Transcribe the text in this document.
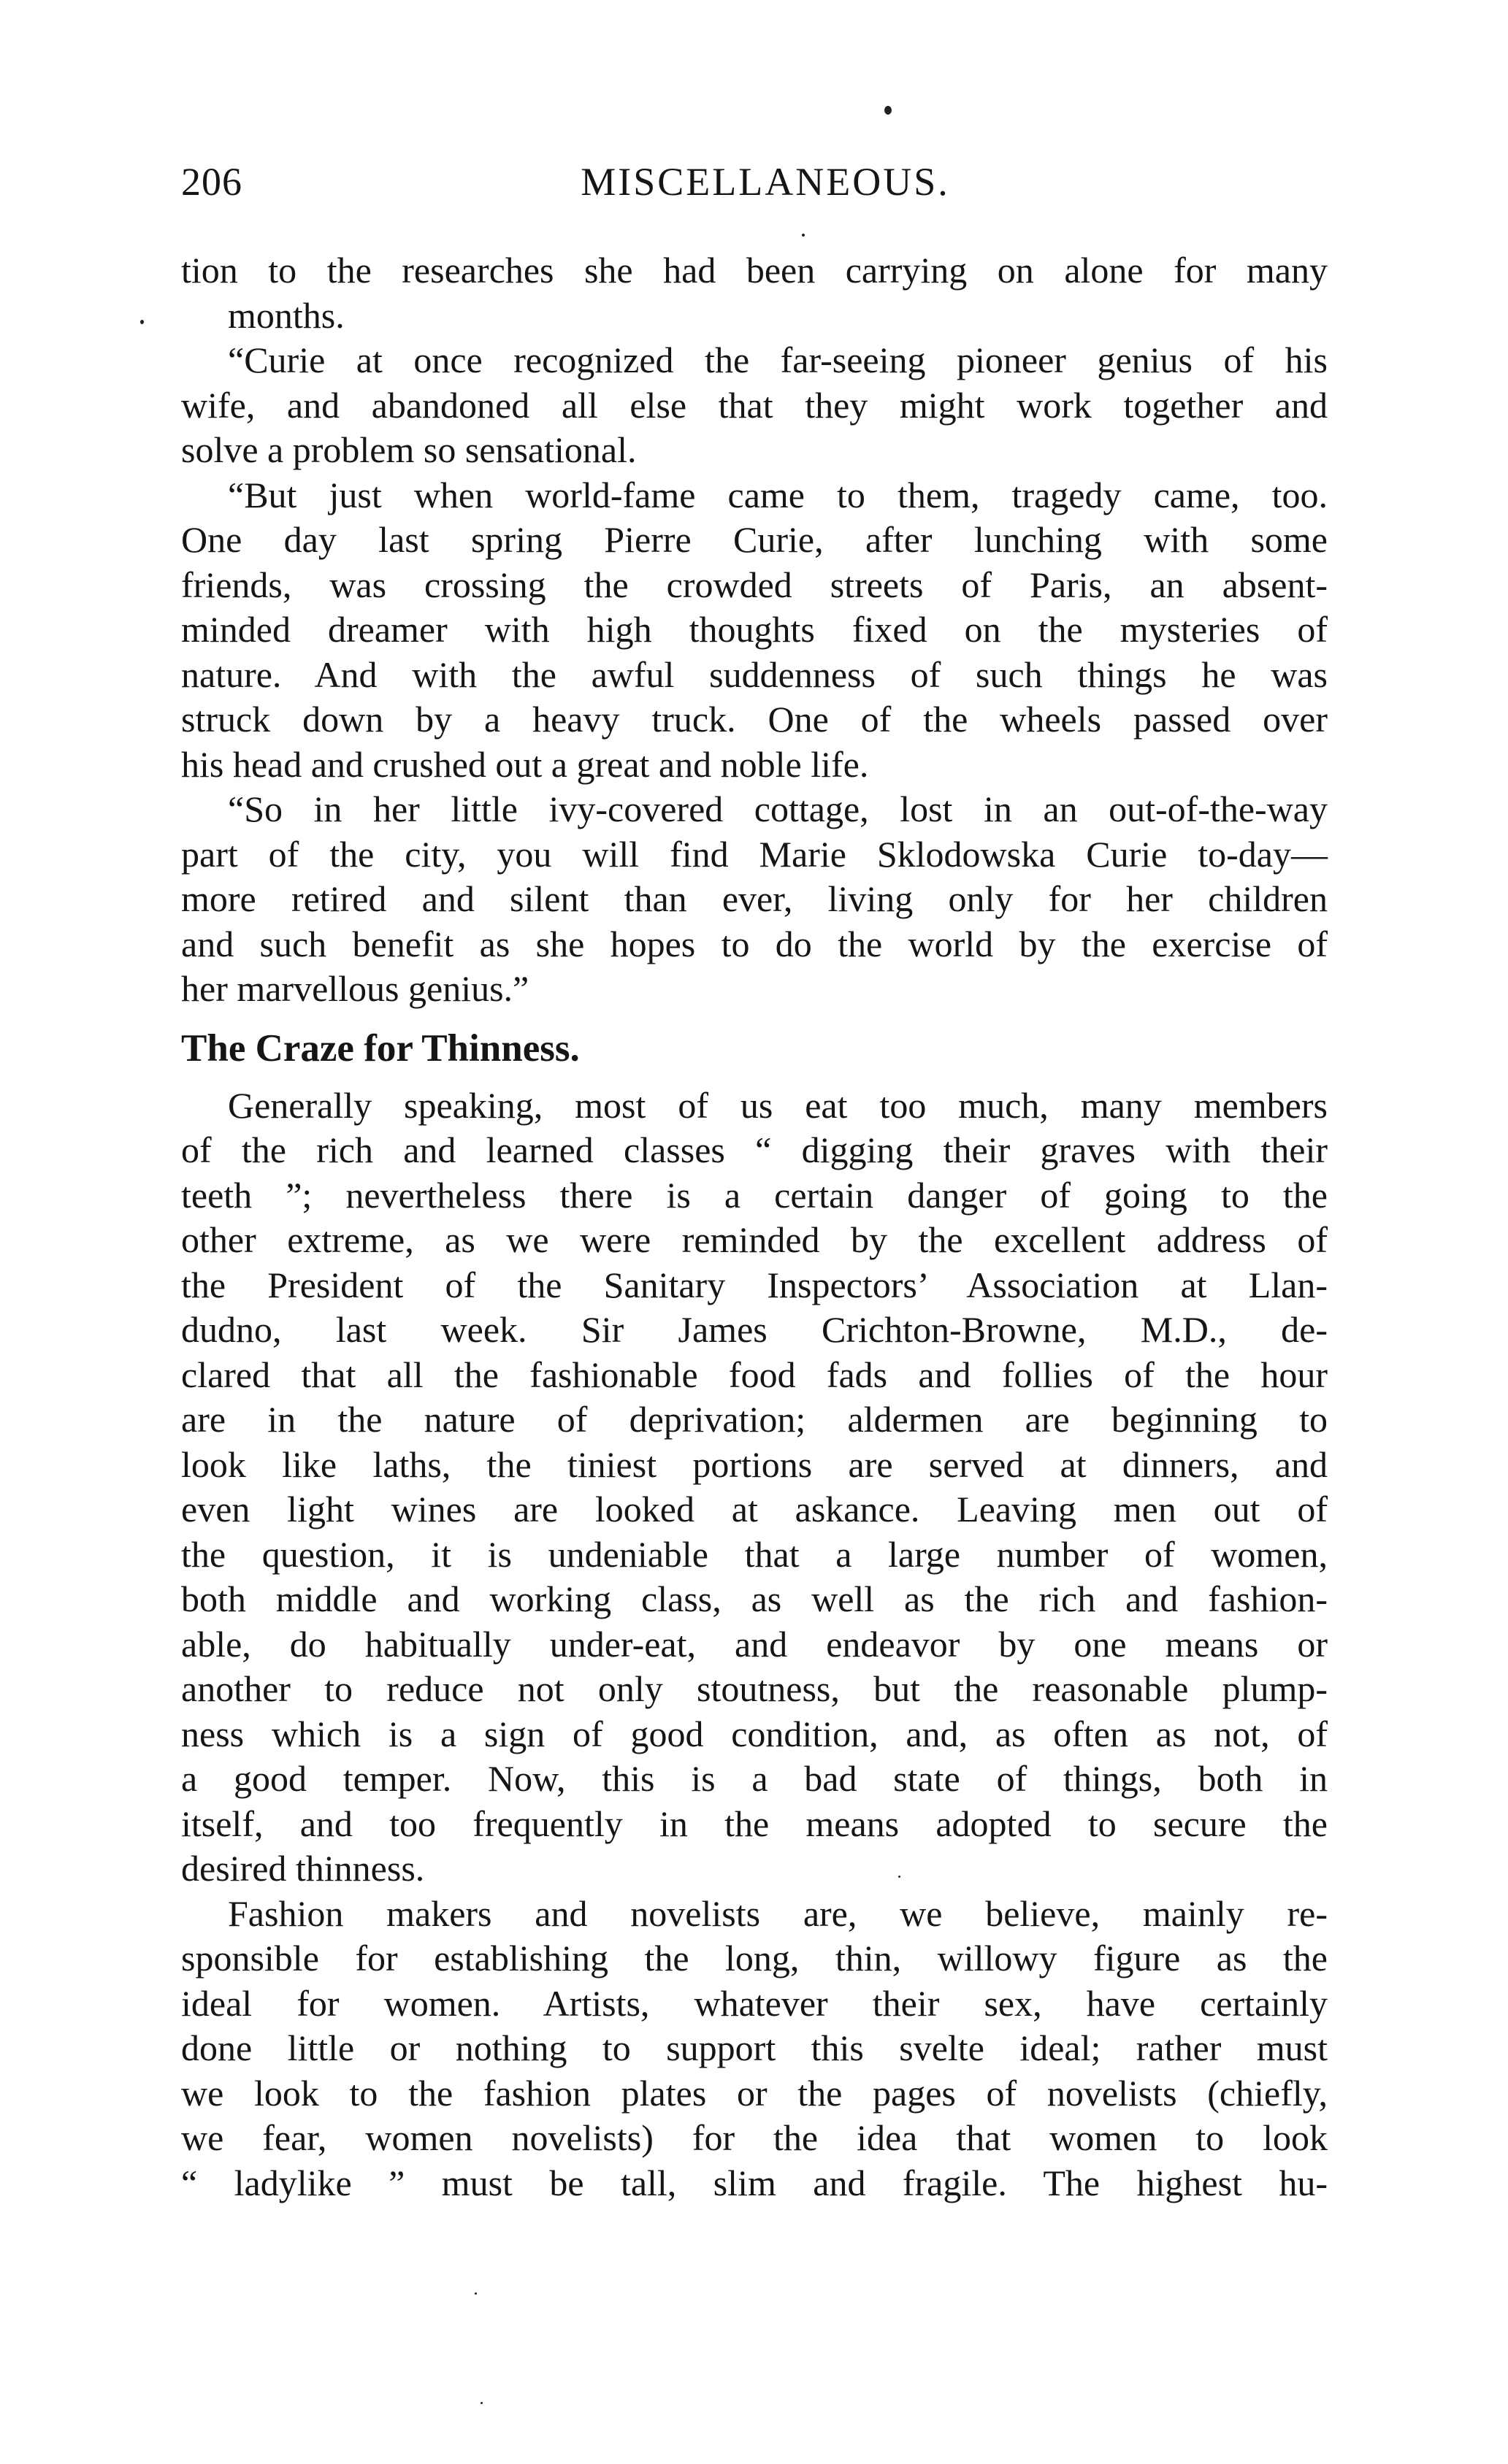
206	MISCELLANEOUS.
tion to the researches she had been carrying on alone for many
months.
“Curie at once recognized the far-seeing pioneer genius of his
wife, and abandoned all else that they might work together and
solve a problem so sensational.
“But just when world-fame came to them, tragedy came, too.
One day last spring Pierre Curie, after lunching with some
friends, was crossing the crowded streets of Paris, an absent-
minded dreamer with high thoughts fixed on the mysteries of
nature. And with the awful suddenness of such things he was
struck down by a heavy truck. One of the wheels passed over
his head and crushed out a great and noble life.
“So in her little ivy-covered cottage, lost in an out-of-the-way
part of the city, you will find Marie Sklodowska Curie to-day—
more retired and silent than ever, living only for her children
and such benefit as she hopes to do the world by the exercise of
her marvellous genius.”
The Craze for Thinness.
Generally speaking, most of us eat too much, many members
of the rich and learned classes “ digging their graves with their
teeth ”; nevertheless there is a certain danger of going to the
other extreme, as we were reminded by the excellent address of
the President of the Sanitary Inspectors’ Association at Llan-
dudno, last week. Sir James Crichton-Browne, M.D., de-
clared that all the fashionable food fads and follies of the hour
are in the nature of deprivation; aldermen are beginning to
look like laths, the tiniest portions are served at dinners, and
even light wines are looked at askance. Leaving men out of
the question, it is undeniable that a large number of women,
both middle and working class, as well as the rich and fashion-
able, do habitually under-eat, and endeavor by one means or
another to reduce not only stoutness, but the reasonable plump-
ness which is a sign of good condition, and, as often as not, of
a good temper. Now, this is a bad state of things, both in
itself, and too frequently in the means adopted to secure the
desired thinness.
Fashion makers and novelists are, we believe, mainly re-
sponsible for establishing the long, thin, willowy figure as the
ideal for women. Artists, whatever their sex, have certainly
done little or nothing to support this svelte ideal; rather must
we look to the fashion plates or the pages of novelists (chiefly,
we fear, women novelists) for the idea that women to look
“ ladylike ” must be tall, slim and fragile. The highest hu-
